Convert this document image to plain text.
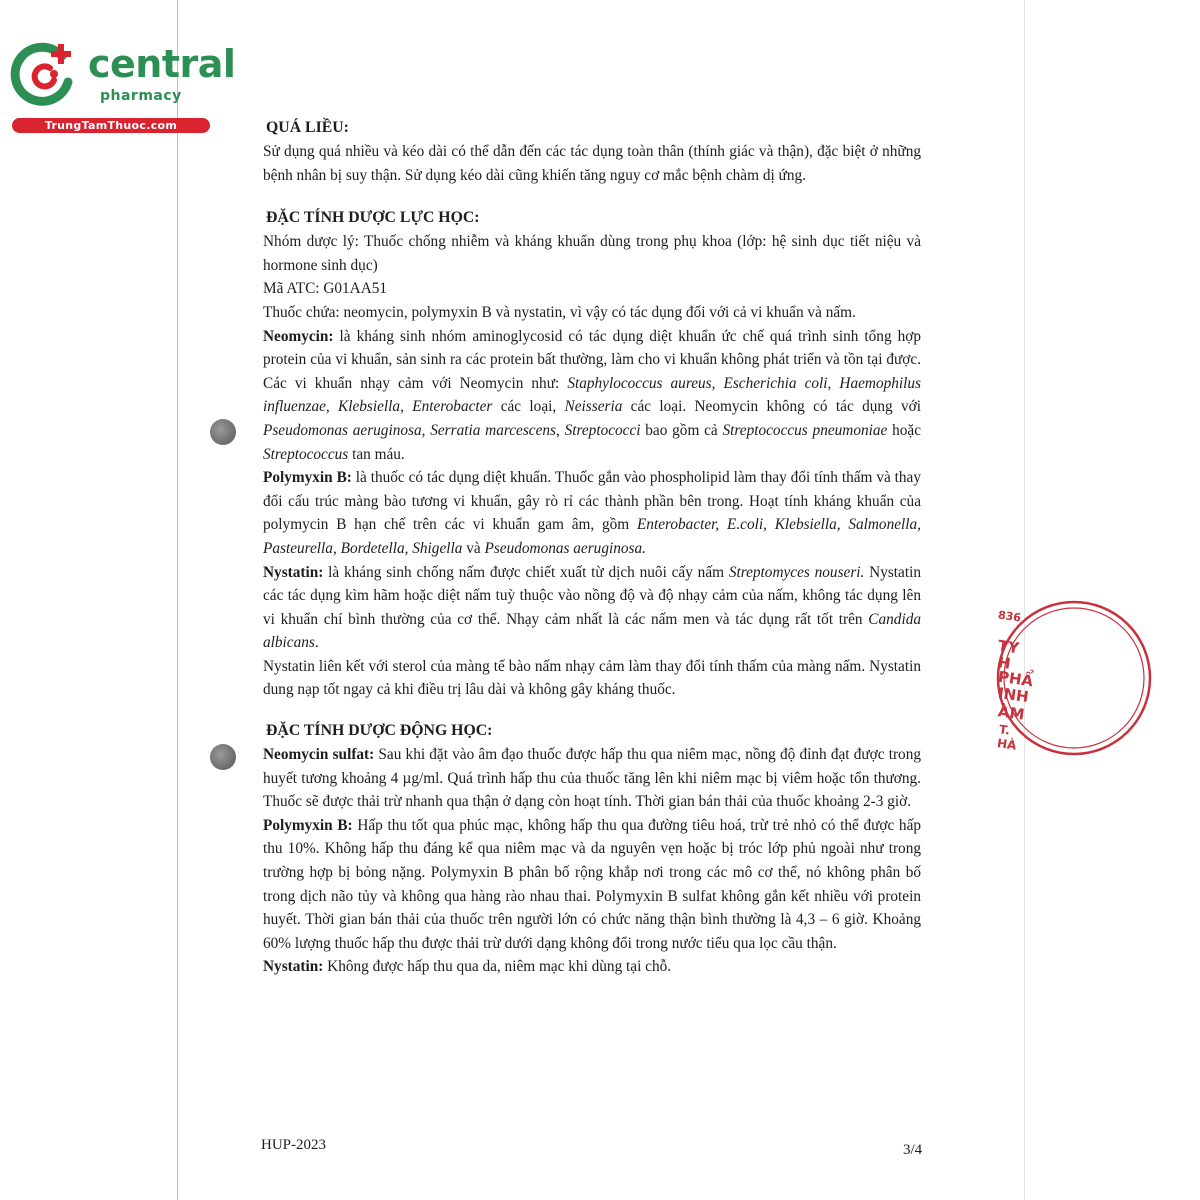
central
pharmacy
TrungTamThuoc.com
836
TY
H
PHẨ
INH
ÀM
T. HÀ
QUÁ LIỀU:

Sử dụng quá nhiều và kéo dài có thể dẫn đến các tác dụng toàn thân (thính giác và thận), đặc biệt ở những bệnh nhân bị suy thận. Sử dụng kéo dài cũng khiến tăng nguy cơ mắc bệnh chàm dị ứng.

ĐẶC TÍNH DƯỢC LỰC HỌC:

Nhóm dược lý: Thuốc chống nhiễm và kháng khuẩn dùng trong phụ khoa (lớp: hệ sinh dục tiết niệu và hormone sinh dục)

Mã ATC: G01AA51

Thuốc chứa: neomycin, polymyxin B và nystatin, vì vậy có tác dụng đối với cả vi khuẩn và nấm.

Neomycin: là kháng sinh nhóm aminoglycosid có tác dụng diệt khuẩn ức chế quá trình sinh tổng hợp protein của vi khuẩn, sản sinh ra các protein bất thường, làm cho vi khuẩn không phát triển và tồn tại được. Các vi khuẩn nhạy cảm với Neomycin như: Staphylococcus aureus, Escherichia coli, Haemophilus influenzae, Klebsiella, Enterobacter các loại, Neisseria các loại. Neomycin không có tác dụng với Pseudomonas aeruginosa, Serratia marcescens, Streptococci bao gồm cả Streptococcus pneumoniae hoặc Streptococcus tan máu.

Polymyxin B: là thuốc có tác dụng diệt khuẩn. Thuốc gắn vào phospholipid làm thay đổi tính thấm và thay đổi cấu trúc màng bào tương vi khuẩn, gây rò rỉ các thành phần bên trong. Hoạt tính kháng khuẩn của polymycin B hạn chế trên các vi khuẩn gam âm, gồm Enterobacter, E.coli, Klebsiella, Salmonella, Pasteurella, Bordetella, Shigella và Pseudomonas aeruginosa.

Nystatin: là kháng sinh chống nấm được chiết xuất từ dịch nuôi cấy nấm Streptomyces nouseri. Nystatin các tác dụng kìm hãm hoặc diệt nấm tuỳ thuộc vào nồng độ và độ nhạy cảm của nấm, không tác dụng lên vi khuẩn chí bình thường của cơ thể. Nhạy cảm nhất là các nấm men và tác dụng rất tốt trên Candida albicans.

Nystatin liên kết với sterol của màng tế bào nấm nhạy cảm làm thay đổi tính thấm của màng nấm. Nystatin dung nạp tốt ngay cả khi điều trị lâu dài và không gây kháng thuốc.

ĐẶC TÍNH DƯỢC ĐỘNG HỌC:

Neomycin sulfat: Sau khi đặt vào âm đạo thuốc được hấp thu qua niêm mạc, nồng độ đỉnh đạt được trong huyết tương khoảng 4 µg/ml. Quá trình hấp thu của thuốc tăng lên khi niêm mạc bị viêm hoặc tổn thương. Thuốc sẽ được thải trừ nhanh qua thận ở dạng còn hoạt tính. Thời gian bán thải của thuốc khoảng 2-3 giờ.

Polymyxin B: Hấp thu tốt qua phúc mạc, không hấp thu qua đường tiêu hoá, trừ trẻ nhỏ có thể được hấp thu 10%. Không hấp thu đáng kể qua niêm mạc và da nguyên vẹn hoặc bị tróc lớp phủ ngoài như trong trường hợp bị bỏng nặng. Polymyxin B phân bố rộng khắp nơi trong các mô cơ thể, nó không phân bố trong dịch não tủy và không qua hàng rào nhau thai. Polymyxin B sulfat không gắn kết nhiều với protein huyết. Thời gian bán thải của thuốc trên người lớn có chức năng thận bình thường là 4,3 – 6 giờ. Khoảng 60% lượng thuốc hấp thu được thải trừ dưới dạng không đổi trong nước tiểu qua lọc cầu thận.

Nystatin: Không được hấp thu qua da, niêm mạc khi dùng tại chỗ.

HUP-2023	3/4
